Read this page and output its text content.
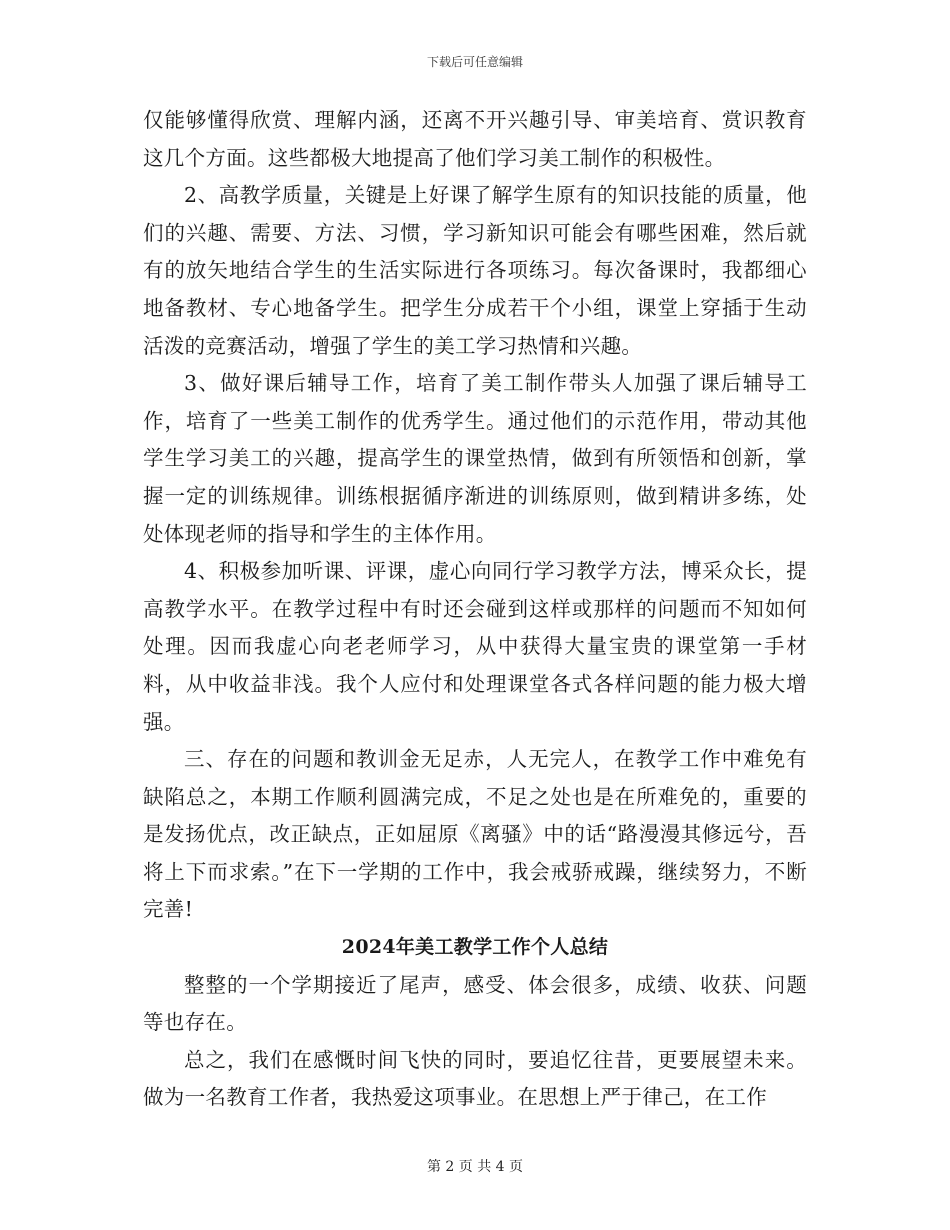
下载后可任意编辑

仅能够懂得欣赏、理解内涵，还离不开兴趣引导、审美培育、赏识教育这几个方面。这些都极大地提高了他们学习美工制作的积极性。

2、高教学质量，关键是上好课了解学生原有的知识技能的质量，他们的兴趣、需要、方法、习惯，学习新知识可能会有哪些困难，然后就有的放矢地结合学生的生活实际进行各项练习。每次备课时，我都细心地备教材、专心地备学生。把学生分成若干个小组，课堂上穿插于生动活泼的竞赛活动，增强了学生的美工学习热情和兴趣。

3、做好课后辅导工作，培育了美工制作带头人加强了课后辅导工作，培育了一些美工制作的优秀学生。通过他们的示范作用，带动其他学生学习美工的兴趣，提高学生的课堂热情，做到有所领悟和创新，掌握一定的训练规律。训练根据循序渐进的训练原则，做到精讲多练，处处体现老师的指导和学生的主体作用。

4、积极参加听课、评课，虚心向同行学习教学方法，博采众长，提高教学水平。在教学过程中有时还会碰到这样或那样的问题而不知如何处理。因而我虚心向老老师学习，从中获得大量宝贵的课堂第一手材料，从中收益非浅。我个人应付和处理课堂各式各样问题的能力极大增强。

三、存在的问题和教训金无足赤，人无完人，在教学工作中难免有缺陷总之，本期工作顺利圆满完成，不足之处也是在所难免的，重要的是发扬优点，改正缺点，正如屈原《离骚》中的话“路漫漫其修远兮，吾将上下而求索。”在下一学期的工作中，我会戒骄戒躁，继续努力，不断完善!

2024年美工教学工作个人总结

整整的一个学期接近了尾声，感受、体会很多，成绩、收获、问题等也存在。

总之，我们在感慨时间飞快的同时，要追忆往昔，更要展望未来。做为一名教育工作者，我热爱这项事业。在思想上严于律己，在工作

第 2 页 共 4 页
